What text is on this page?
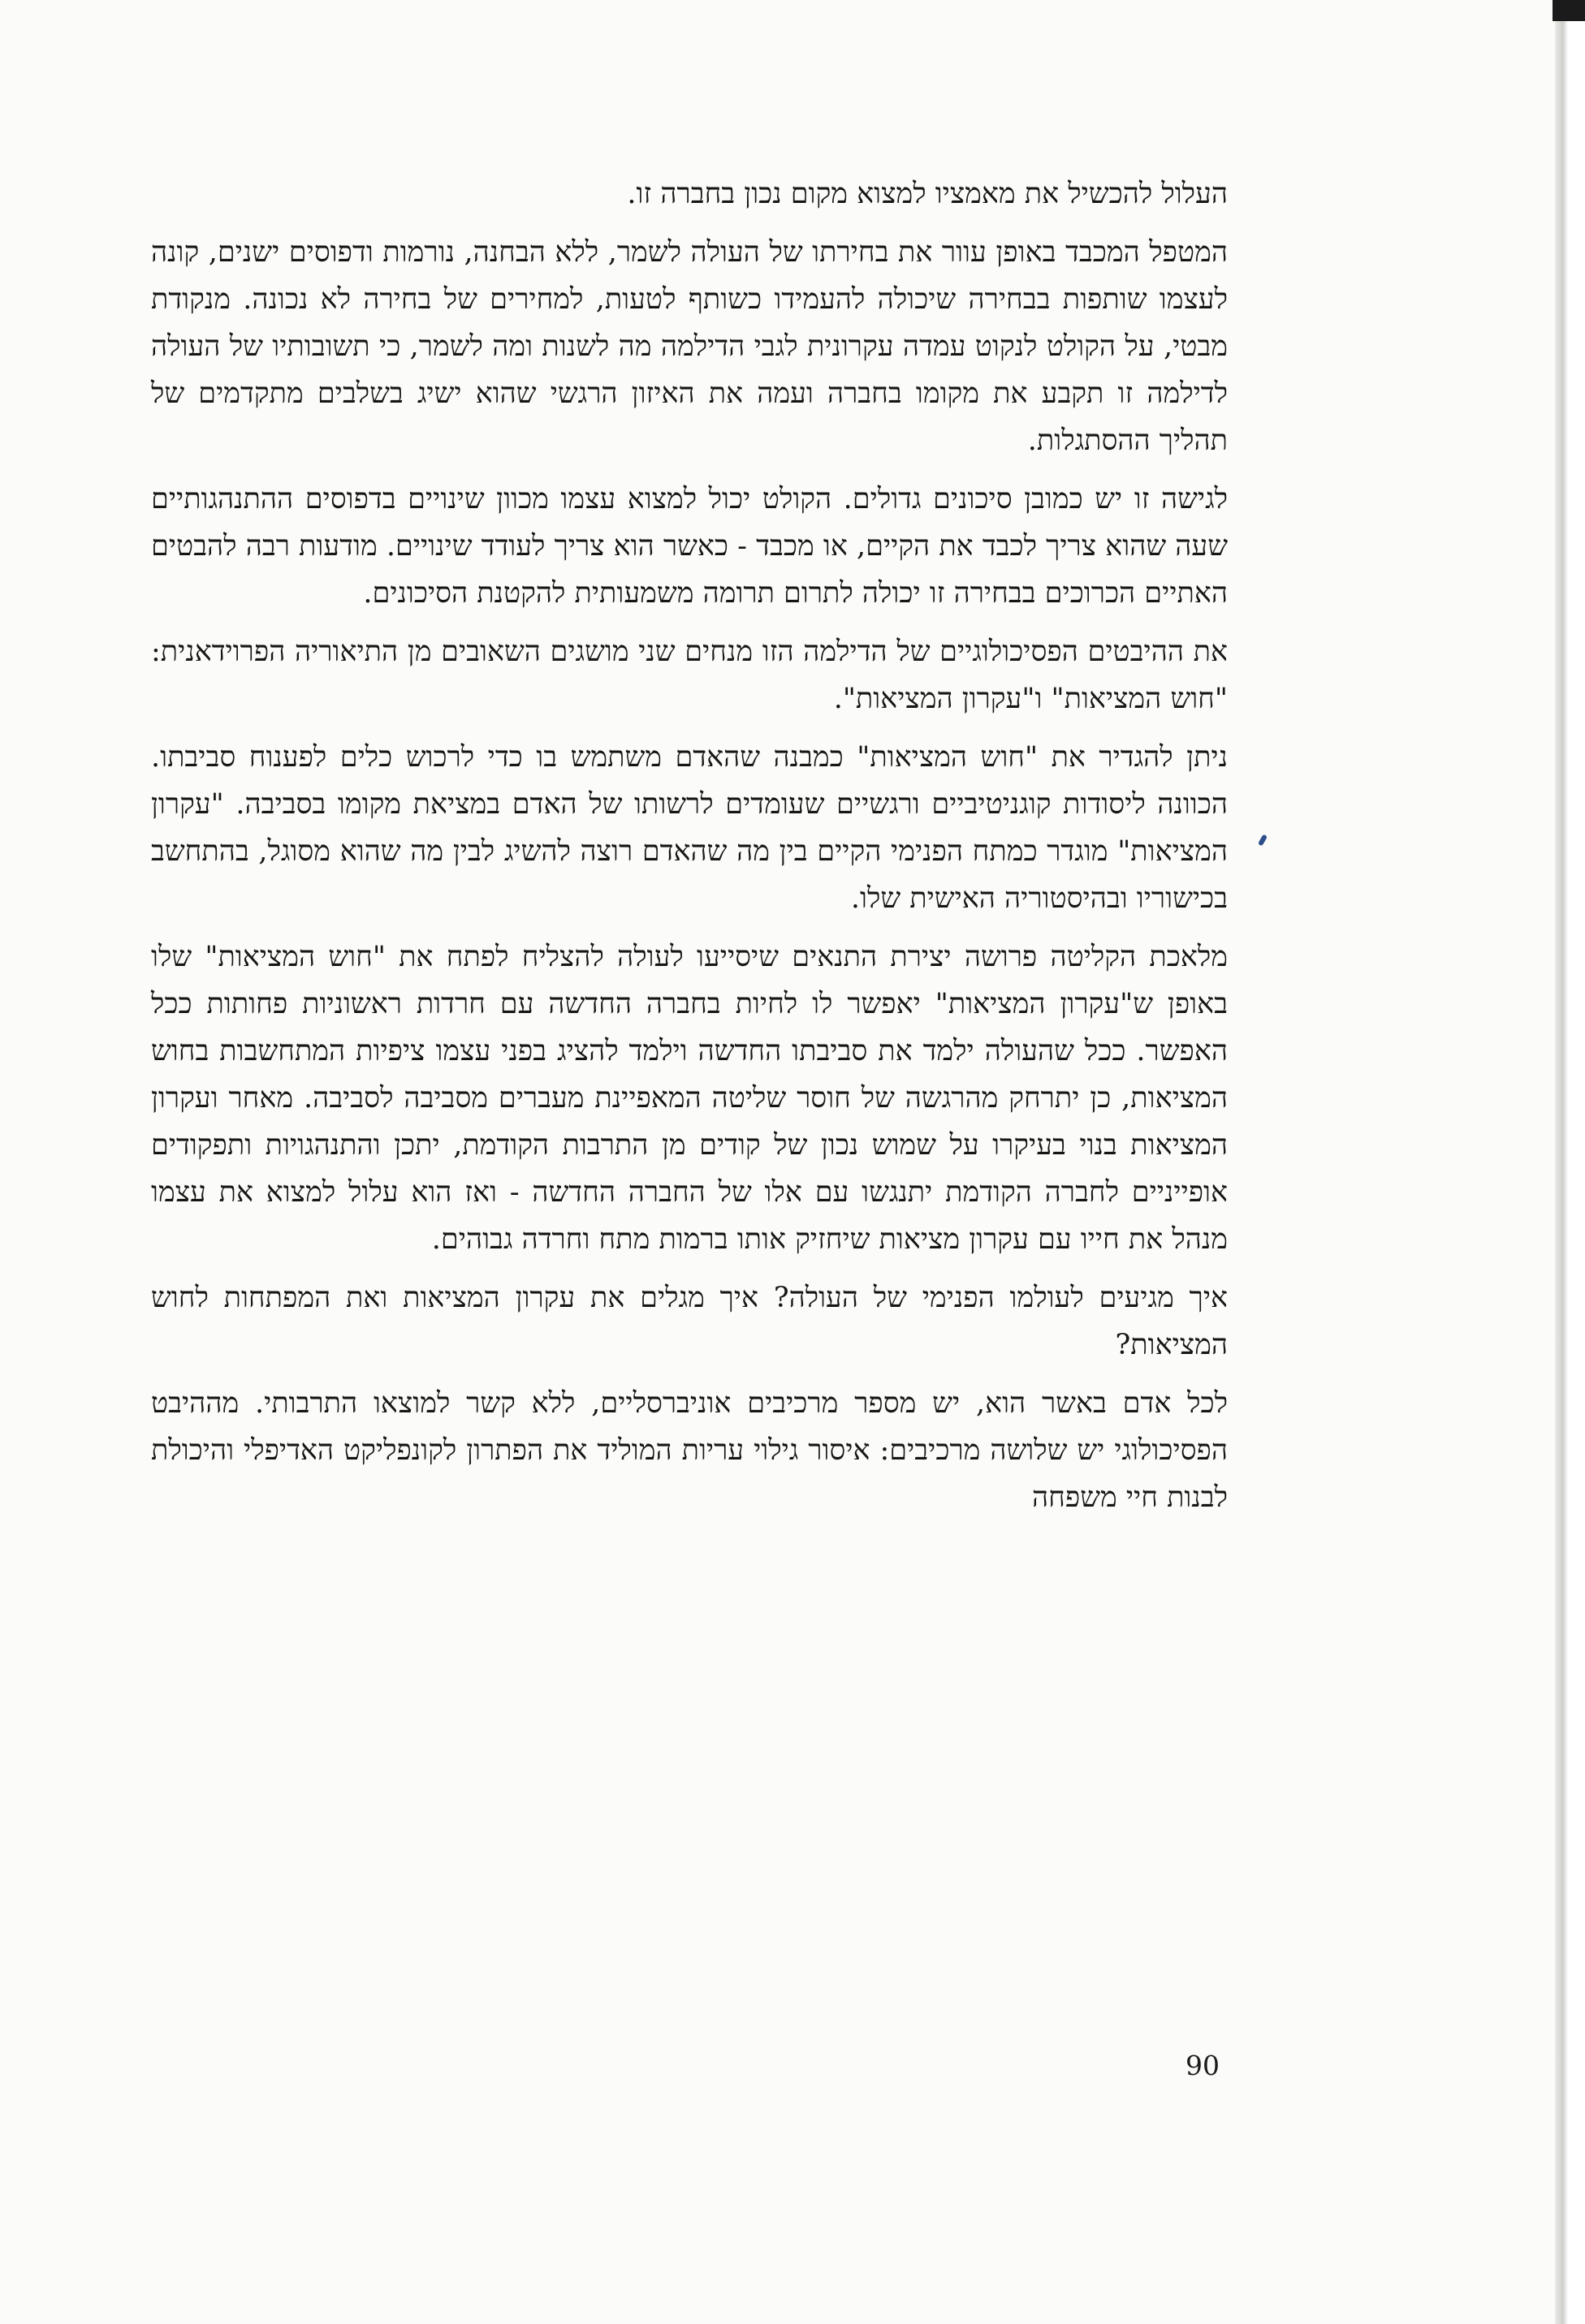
העלול להכשיל את מאמציו למצוא מקום נכון בחברה זו.

המטפל המכבד באופן עוור את בחירתו של העולה לשמר, ללא הבחנה, נורמות ודפוסים ישנים, קונה לעצמו שותפות בבחירה שיכולה להעמידו כשותף לטעות, למחירים של בחירה לא נכונה. מנקודת מבטי, על הקולט לנקוט עמדה עקרונית לגבי הדילמה מה לשנות ומה לשמר, כי תשובותיו של העולה לדילמה זו תקבע את מקומו בחברה ועמה את האיזון הרגשי שהוא ישיג בשלבים מתקדמים של תהליך ההסתגלות.

לגישה זו יש כמובן סיכונים גדולים. הקולט יכול למצוא עצמו מכוון שינויים בדפוסים ההתנהגותיים שעה שהוא צריך לכבד את הקיים, או מכבד - כאשר הוא צריך לעודד שינויים. מודעות רבה להבטים האתיים הכרוכים בבחירה זו יכולה לתרום תרומה משמעותית להקטנת הסיכונים.

את ההיבטים הפסיכולוגיים של הדילמה הזו מנחים שני מושגים השאובים מן התיאוריה הפרוידאנית: "חוש המציאות" ו"עקרון המציאות".

ניתן להגדיר את "חוש המציאות" כמבנה שהאדם משתמש בו כדי לרכוש כלים לפענוח סביבתו. הכוונה ליסודות קוגניטיביים ורגשיים שעומדים לרשותו של האדם במציאת מקומו בסביבה. "עקרון המציאות" מוגדר כמתח הפנימי הקיים בין מה שהאדם רוצה להשיג לבין מה שהוא מסוגל, בהתחשב בכישוריו ובהיסטוריה האישית שלו.

מלאכת הקליטה פרושה יצירת התנאים שיסייעו לעולה להצליח לפתח את "חוש המציאות" שלו באופן ש"עקרון המציאות" יאפשר לו לחיות בחברה החדשה עם חרדות ראשוניות פחותות ככל האפשר. ככל שהעולה ילמד את סביבתו החדשה וילמד להציג בפני עצמו ציפיות המתחשבות בחוש המציאות, כן יתרחק מהרגשה של חוסר שליטה המאפיינת מעברים מסביבה לסביבה. מאחר ועקרון המציאות בנוי בעיקרו על שמוש נכון של קודים מן התרבות הקודמת, יתכן והתנהגויות ותפקודים אופייניים לחברה הקודמת יתנגשו עם אלו של החברה החדשה - ואז הוא עלול למצוא את עצמו מנהל את חייו עם עקרון מציאות שיחזיק אותו ברמות מתח וחרדה גבוהים.

איך מגיעים לעולמו הפנימי של העולה? איך מגלים את עקרון המציאות ואת המפתחות לחוש המציאות?

לכל אדם באשר הוא, יש מספר מרכיבים אוניברסליים, ללא קשר למוצאו התרבותי. מההיבט הפסיכולוגי יש שלושה מרכיבים: איסור גילוי עריות המוליד את הפתרון לקונפליקט האדיפלי והיכולת לבנות חיי משפחה

90
